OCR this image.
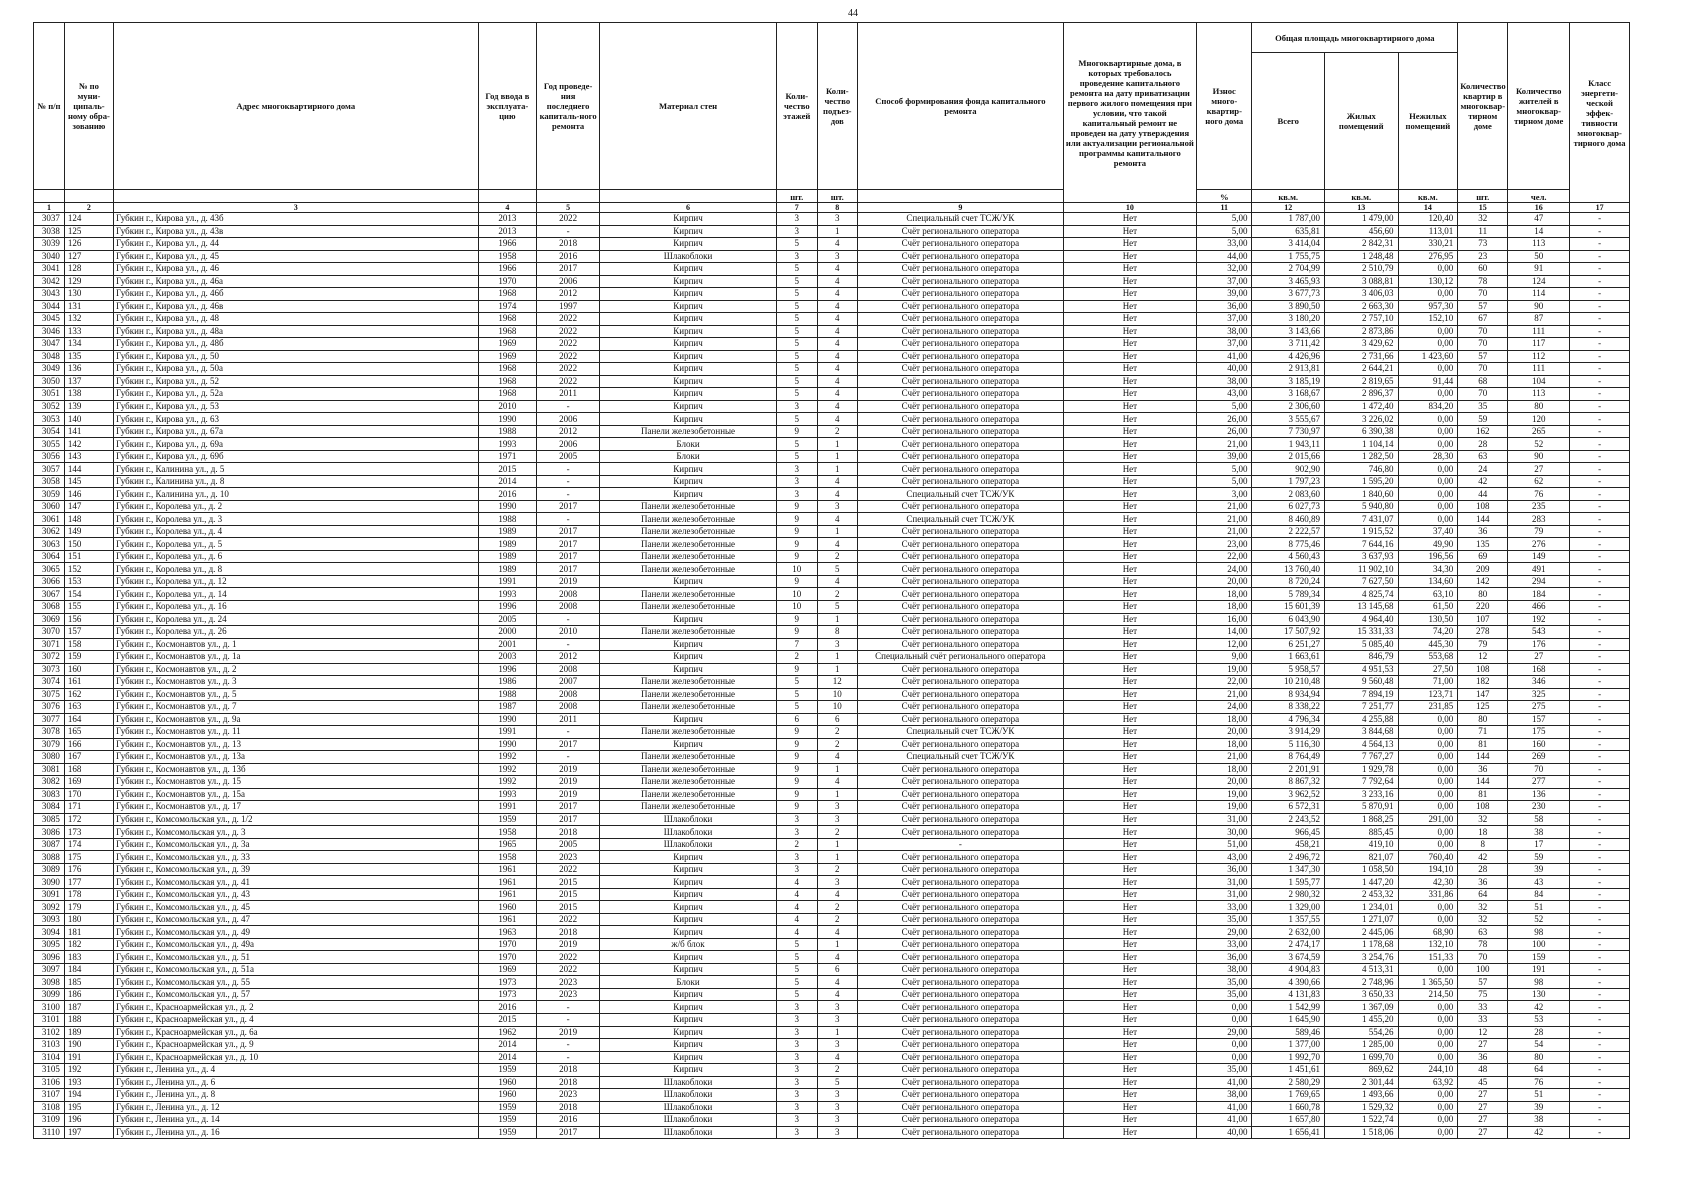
44
№ п/п	№ по муни-ципаль-ному обра-зованию	Адрес многоквартирного дома	Год ввода в эксплуата-цию	Год проведе-ния последнего капиталь-ного ремонта	Материал стен	Коли-чество этажей	Коли-чество подъез-дов	Способ формирования фонда капитального ремонта	Многоквартирные дома, в которых требовалось проведение капитального ремонта на дату приватизации первого жилого помещения при условии, что такой капитальный ремонт не проведен на дату утверждения или актуализации региональной программы капитального ремонта	Износ много-квартир-ного дома	Общая площадь многоквартирного дома			Количество квартир в многоквар-тирном доме	Количество жителей в многоквар-тирном доме	Класс энергети-ческой эффек-тивности многоквар-тирного дома
											Всего	Жилых помещений	Нежилых помещений			
						шт.	шт.			%	кв.м.	кв.м.	кв.м.	шт.	чел.	
1	2	3	4	5	6	7	8	9	10	11	12	13	14	15	16	17
3037	124	Губкин г., Кирова ул., д. 43б	2013	2022	Кирпич	3	3	Специальный счет ТСЖ/УК	Нет	5,00	1 787,00	1 479,00	120,40	32	47	-
3038	125	Губкин г., Кирова ул., д. 43в	2013	-	Кирпич	3	1	Счёт регионального оператора	Нет	5,00	635,81	456,60	113,01	11	14	-
3039	126	Губкин г., Кирова ул., д. 44	1966	2018	Кирпич	5	4	Счёт регионального оператора	Нет	33,00	3 414,04	2 842,31	330,21	73	113	-
3040	127	Губкин г., Кирова ул., д. 45	1958	2016	Шлакоблоки	3	3	Счёт регионального оператора	Нет	44,00	1 755,75	1 248,48	276,95	23	50	-
3041	128	Губкин г., Кирова ул., д. 46	1966	2017	Кирпич	5	4	Счёт регионального оператора	Нет	32,00	2 704,99	2 510,79	0,00	60	91	-
3042	129	Губкин г., Кирова ул., д. 46а	1970	2006	Кирпич	5	4	Счёт регионального оператора	Нет	37,00	3 465,93	3 088,81	130,12	78	124	-
3043	130	Губкин г., Кирова ул., д. 46б	1968	2012	Кирпич	5	4	Счёт регионального оператора	Нет	39,00	3 677,73	3 406,03	0,00	70	114	-
3044	131	Губкин г., Кирова ул., д. 46в	1974	1997	Кирпич	5	4	Счёт регионального оператора	Нет	36,00	3 890,50	2 663,30	957,30	57	90	-
3045	132	Губкин г., Кирова ул., д. 48	1968	2022	Кирпич	5	4	Счёт регионального оператора	Нет	37,00	3 180,20	2 757,10	152,10	67	87	-
3046	133	Губкин г., Кирова ул., д. 48а	1968	2022	Кирпич	5	4	Счёт регионального оператора	Нет	38,00	3 143,66	2 873,86	0,00	70	111	-
3047	134	Губкин г., Кирова ул., д. 48б	1969	2022	Кирпич	5	4	Счёт регионального оператора	Нет	37,00	3 711,42	3 429,62	0,00	70	117	-
3048	135	Губкин г., Кирова ул., д. 50	1969	2022	Кирпич	5	4	Счёт регионального оператора	Нет	41,00	4 426,96	2 731,66	1 423,60	57	112	-
3049	136	Губкин г., Кирова ул., д. 50а	1968	2022	Кирпич	5	4	Счёт регионального оператора	Нет	40,00	2 913,81	2 644,21	0,00	70	111	-
3050	137	Губкин г., Кирова ул., д. 52	1968	2022	Кирпич	5	4	Счёт регионального оператора	Нет	38,00	3 185,19	2 819,65	91,44	68	104	-
3051	138	Губкин г., Кирова ул., д. 52а	1968	2011	Кирпич	5	4	Счёт регионального оператора	Нет	43,00	3 168,67	2 896,37	0,00	70	113	-
3052	139	Губкин г., Кирова ул., д. 53	2010	-	Кирпич	3	4	Счёт регионального оператора	Нет	5,00	2 306,60	1 472,40	834,20	35	80	-
3053	140	Губкин г., Кирова ул., д. 63	1990	2006	Кирпич	5	4	Счёт регионального оператора	Нет	26,00	3 555,67	3 226,02	0,00	59	120	-
3054	141	Губкин г., Кирова ул., д. 67а	1988	2012	Панели железобетонные	9	2	Счёт регионального оператора	Нет	26,00	7 730,97	6 390,38	0,00	162	265	-
3055	142	Губкин г., Кирова ул., д. 69а	1993	2006	Блоки	5	1	Счёт регионального оператора	Нет	21,00	1 943,11	1 104,14	0,00	28	52	-
3056	143	Губкин г., Кирова ул., д. 69б	1971	2005	Блоки	5	1	Счёт регионального оператора	Нет	39,00	2 015,66	1 282,50	28,30	63	90	-
3057	144	Губкин г., Калинина ул., д. 5	2015	-	Кирпич	3	1	Счёт регионального оператора	Нет	5,00	902,90	746,80	0,00	24	27	-
3058	145	Губкин г., Калинина ул., д. 8	2014	-	Кирпич	3	4	Счёт регионального оператора	Нет	5,00	1 797,23	1 595,20	0,00	42	62	-
3059	146	Губкин г., Калинина ул., д. 10	2016	-	Кирпич	3	4	Специальный счет ТСЖ/УК	Нет	3,00	2 083,60	1 840,60	0,00	44	76	-
3060	147	Губкин г., Королева ул., д. 2	1990	2017	Панели железобетонные	9	3	Счёт регионального оператора	Нет	21,00	6 027,73	5 940,80	0,00	108	235	-
3061	148	Губкин г., Королева ул., д. 3	1988	-	Панели железобетонные	9	4	Специальный счет ТСЖ/УК	Нет	21,00	8 460,89	7 431,07	0,00	144	283	-
3062	149	Губкин г., Королева ул., д. 4	1989	2017	Панели железобетонные	9	1	Счёт регионального оператора	Нет	21,00	2 222,57	1 915,52	37,40	36	79	-
3063	150	Губкин г., Королева ул., д. 5	1989	2017	Панели железобетонные	9	4	Счёт регионального оператора	Нет	23,00	8 775,46	7 644,16	49,90	135	276	-
3064	151	Губкин г., Королева ул., д. 6	1989	2017	Панели железобетонные	9	2	Счёт регионального оператора	Нет	22,00	4 560,43	3 637,93	196,56	69	149	-
3065	152	Губкин г., Королева ул., д. 8	1989	2017	Панели железобетонные	10	5	Счёт регионального оператора	Нет	24,00	13 760,40	11 902,10	34,30	209	491	-
3066	153	Губкин г., Королева ул., д. 12	1991	2019	Кирпич	9	4	Счёт регионального оператора	Нет	20,00	8 720,24	7 627,50	134,60	142	294	-
3067	154	Губкин г., Королева ул., д. 14	1993	2008	Панели железобетонные	10	2	Счёт регионального оператора	Нет	18,00	5 789,34	4 825,74	63,10	80	184	-
3068	155	Губкин г., Королева ул., д. 16	1996	2008	Панели железобетонные	10	5	Счёт регионального оператора	Нет	18,00	15 601,39	13 145,68	61,50	220	466	-
3069	156	Губкин г., Королева ул., д. 24	2005	-	Кирпич	9	1	Счёт регионального оператора	Нет	16,00	6 043,90	4 964,40	130,50	107	192	-
3070	157	Губкин г., Королева ул., д. 26	2000	2010	Панели железобетонные	9	8	Счёт регионального оператора	Нет	14,00	17 507,92	15 331,33	74,20	278	543	-
3071	158	Губкин г., Космонавтов ул., д. 1	2001	-	Кирпич	7	3	Счёт регионального оператора	Нет	12,00	6 251,27	5 085,40	445,30	79	176	-
3072	159	Губкин г., Космонавтов ул., д. 1а	2003	2012	Кирпич	2	1	Специальный счёт регионального оператора	Нет	9,00	1 663,61	846,79	553,68	12	27	-
3073	160	Губкин г., Космонавтов ул., д. 2	1996	2008	Кирпич	9	1	Счёт регионального оператора	Нет	19,00	5 958,57	4 951,53	27,50	108	168	-
3074	161	Губкин г., Космонавтов ул., д. 3	1986	2007	Панели железобетонные	5	12	Счёт регионального оператора	Нет	22,00	10 210,48	9 560,48	71,00	182	346	-
3075	162	Губкин г., Космонавтов ул., д. 5	1988	2008	Панели железобетонные	5	10	Счёт регионального оператора	Нет	21,00	8 934,94	7 894,19	123,71	147	325	-
3076	163	Губкин г., Космонавтов ул., д. 7	1987	2008	Панели железобетонные	5	10	Счёт регионального оператора	Нет	24,00	8 338,22	7 251,77	231,85	125	275	-
3077	164	Губкин г., Космонавтов ул., д. 9а	1990	2011	Кирпич	6	6	Счёт регионального оператора	Нет	18,00	4 796,34	4 255,88	0,00	80	157	-
3078	165	Губкин г., Космонавтов ул., д. 11	1991	-	Панели железобетонные	9	2	Специальный счет ТСЖ/УК	Нет	20,00	3 914,29	3 844,68	0,00	71	175	-
3079	166	Губкин г., Космонавтов ул., д. 13	1990	2017	Кирпич	9	2	Счёт регионального оператора	Нет	18,00	5 116,30	4 564,13	0,00	81	160	-
3080	167	Губкин г., Космонавтов ул., д. 13а	1992	-	Панели железобетонные	9	4	Специальный счет ТСЖ/УК	Нет	21,00	8 764,49	7 767,27	0,00	144	269	-
3081	168	Губкин г., Космонавтов ул., д. 13б	1992	2019	Панели железобетонные	9	1	Счёт регионального оператора	Нет	18,00	2 201,91	1 929,78	0,00	36	70	-
3082	169	Губкин г., Космонавтов ул., д. 15	1992	2019	Панели железобетонные	9	4	Счёт регионального оператора	Нет	20,00	8 867,32	7 792,64	0,00	144	277	-
3083	170	Губкин г., Космонавтов ул., д. 15а	1993	2019	Панели железобетонные	9	1	Счёт регионального оператора	Нет	19,00	3 962,52	3 233,16	0,00	81	136	-
3084	171	Губкин г., Космонавтов ул., д. 17	1991	2017	Панели железобетонные	9	3	Счёт регионального оператора	Нет	19,00	6 572,31	5 870,91	0,00	108	230	-
3085	172	Губкин г., Комсомольская ул., д. 1/2	1959	2017	Шлакоблоки	3	3	Счёт регионального оператора	Нет	31,00	2 243,52	1 868,25	291,00	32	58	-
3086	173	Губкин г., Комсомольская ул., д. 3	1958	2018	Шлакоблоки	3	2	Счёт регионального оператора	Нет	30,00	966,45	885,45	0,00	18	38	-
3087	174	Губкин г., Комсомольская ул., д. 3а	1965	2005	Шлакоблоки	2	1	-	Нет	51,00	458,21	419,10	0,00	8	17	-
3088	175	Губкин г., Комсомольская ул., д. 33	1958	2023	Кирпич	3	1	Счёт регионального оператора	Нет	43,00	2 496,72	821,07	760,40	42	59	-
3089	176	Губкин г., Комсомольская ул., д. 39	1961	2022	Кирпич	3	2	Счёт регионального оператора	Нет	36,00	1 347,30	1 058,50	194,10	28	39	-
3090	177	Губкин г., Комсомольская ул., д. 41	1961	2015	Кирпич	4	3	Счёт регионального оператора	Нет	31,00	1 595,77	1 447,20	42,30	36	43	-
3091	178	Губкин г., Комсомольская ул., д. 43	1961	2015	Кирпич	4	4	Счёт регионального оператора	Нет	31,00	2 980,32	2 453,32	331,86	64	84	-
3092	179	Губкин г., Комсомольская ул., д. 45	1960	2015	Кирпич	4	2	Счёт регионального оператора	Нет	33,00	1 329,00	1 234,01	0,00	32	51	-
3093	180	Губкин г., Комсомольская ул., д. 47	1961	2022	Кирпич	4	2	Счёт регионального оператора	Нет	35,00	1 357,55	1 271,07	0,00	32	52	-
3094	181	Губкин г., Комсомольская ул., д. 49	1963	2018	Кирпич	4	4	Счёт регионального оператора	Нет	29,00	2 632,00	2 445,06	68,90	63	98	-
3095	182	Губкин г., Комсомольская ул., д. 49а	1970	2019	ж/б блок	5	1	Счёт регионального оператора	Нет	33,00	2 474,17	1 178,68	132,10	78	100	-
3096	183	Губкин г., Комсомольская ул., д. 51	1970	2022	Кирпич	5	4	Счёт регионального оператора	Нет	36,00	3 674,59	3 254,76	151,33	70	159	-
3097	184	Губкин г., Комсомольская ул., д. 51а	1969	2022	Кирпич	5	6	Счёт регионального оператора	Нет	38,00	4 904,83	4 513,31	0,00	100	191	-
3098	185	Губкин г., Комсомольская ул., д. 55	1973	2023	Блоки	5	4	Счёт регионального оператора	Нет	35,00	4 390,66	2 748,96	1 365,50	57	98	-
3099	186	Губкин г., Комсомольская ул., д. 57	1973	2023	Кирпич	5	4	Счёт регионального оператора	Нет	35,00	4 131,83	3 650,33	214,50	75	130	-
3100	187	Губкин г., Красноармейская ул., д. 2	2016	-	Кирпич	3	3	Счёт регионального оператора	Нет	0,00	1 542,99	1 367,09	0,00	33	42	-
3101	188	Губкин г., Красноармейская ул., д. 4	2015	-	Кирпич	3	3	Счёт регионального оператора	Нет	0,00	1 645,90	1 455,20	0,00	33	53	-
3102	189	Губкин г., Красноармейская ул., д. 6а	1962	2019	Кирпич	3	1	Счёт регионального оператора	Нет	29,00	589,46	554,26	0,00	12	28	-
3103	190	Губкин г., Красноармейская ул., д. 9	2014	-	Кирпич	3	3	Счёт регионального оператора	Нет	0,00	1 377,00	1 285,00	0,00	27	54	-
3104	191	Губкин г., Красноармейская ул., д. 10	2014	-	Кирпич	3	4	Счёт регионального оператора	Нет	0,00	1 992,70	1 699,70	0,00	36	80	-
3105	192	Губкин г., Ленина ул., д. 4	1959	2018	Кирпич	3	2	Счёт регионального оператора	Нет	35,00	1 451,61	869,62	244,10	48	64	-
3106	193	Губкин г., Ленина ул., д. 6	1960	2018	Шлакоблоки	3	5	Счёт регионального оператора	Нет	41,00	2 580,29	2 301,44	63,92	45	76	-
3107	194	Губкин г., Ленина ул., д. 8	1960	2023	Шлакоблоки	3	3	Счёт регионального оператора	Нет	38,00	1 769,65	1 493,66	0,00	27	51	-
3108	195	Губкин г., Ленина ул., д. 12	1959	2018	Шлакоблоки	3	3	Счёт регионального оператора	Нет	41,00	1 660,78	1 529,32	0,00	27	39	-
3109	196	Губкин г., Ленина ул., д. 14	1959	2016	Шлакоблоки	3	3	Счёт регионального оператора	Нет	41,00	1 657,80	1 522,74	0,00	27	38	-
3110	197	Губкин г., Ленина ул., д. 16	1959	2017	Шлакоблоки	3	3	Счёт регионального оператора	Нет	40,00	1 656,41	1 518,06	0,00	27	42	-
